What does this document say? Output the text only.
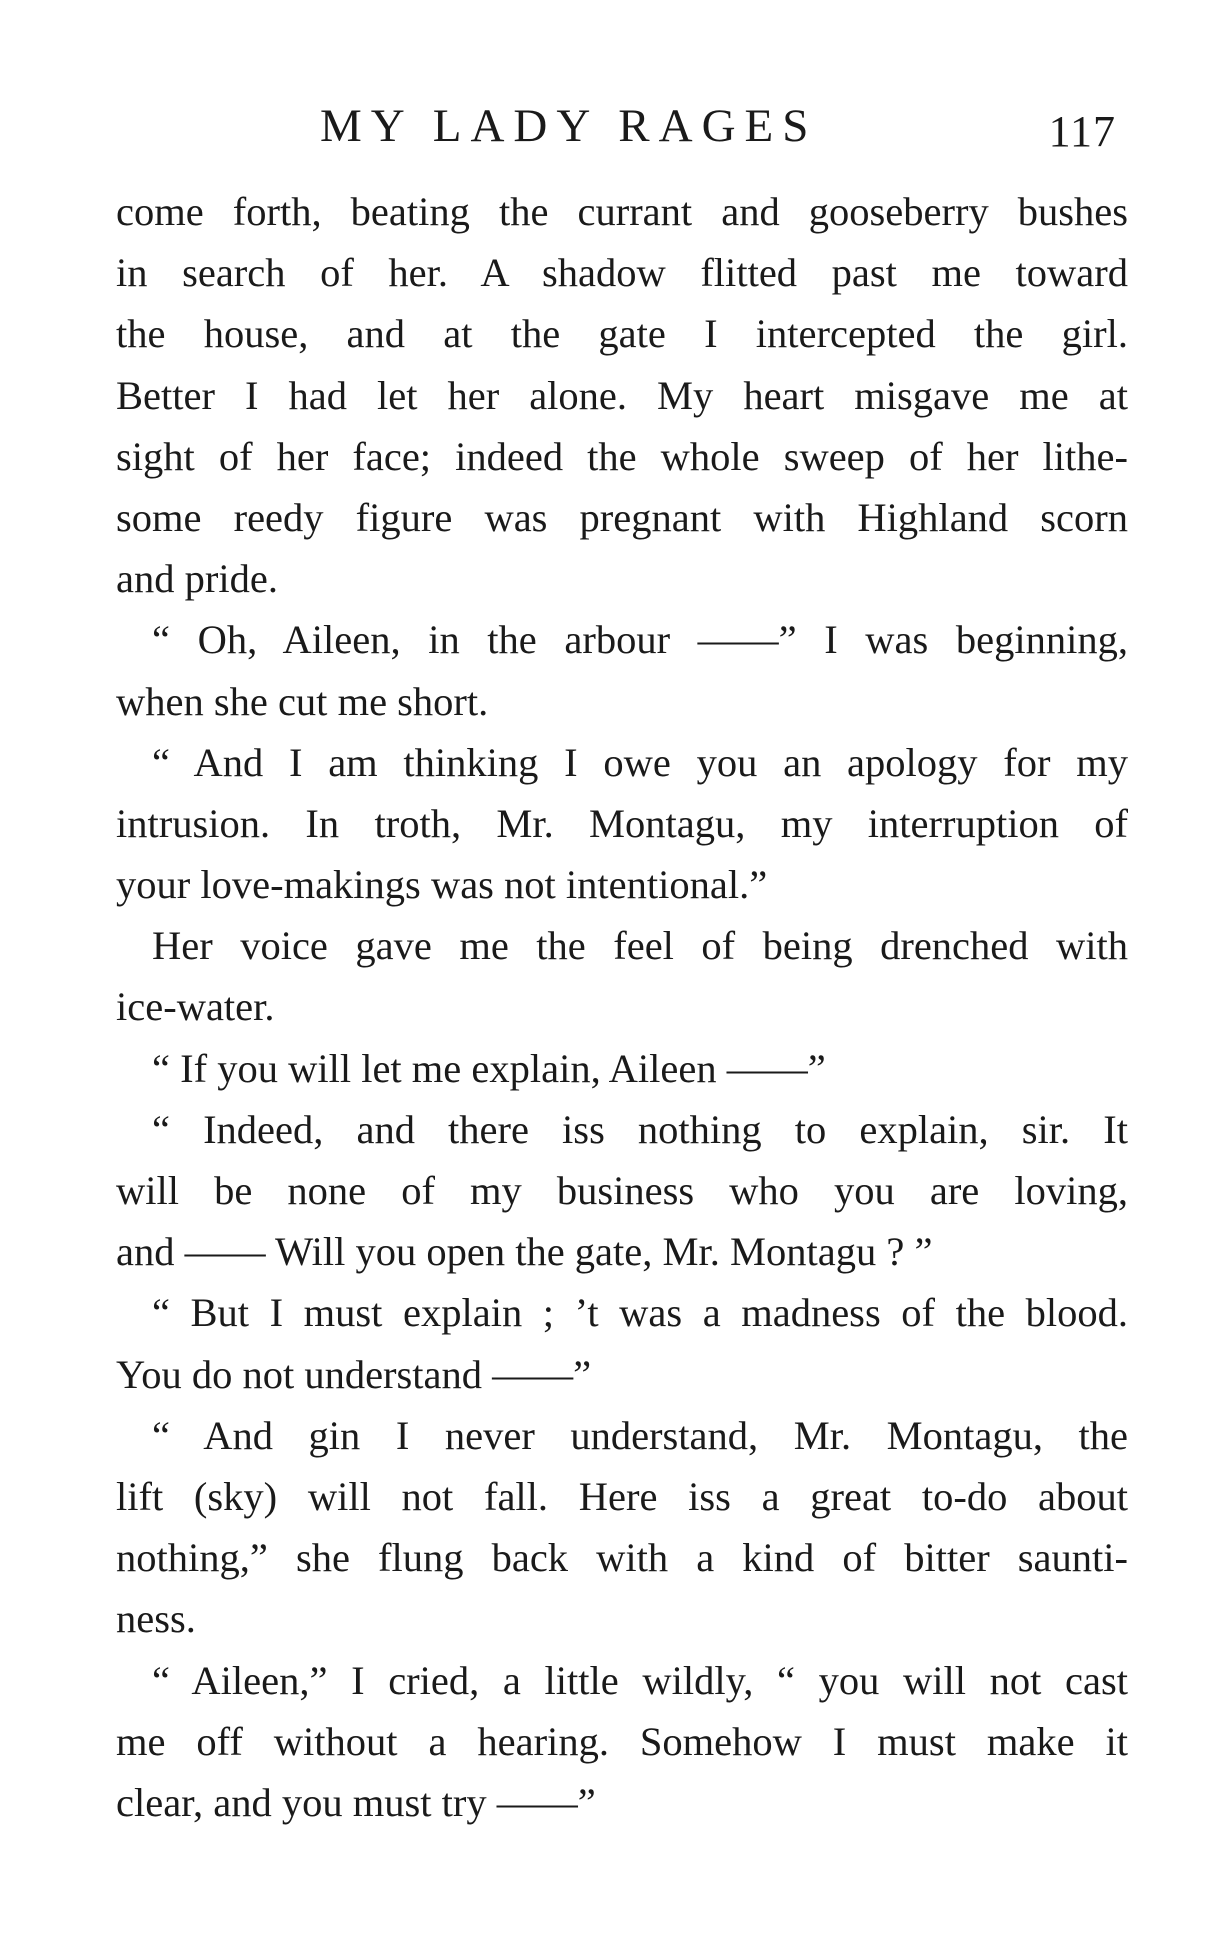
MY LADY RAGES	117
come forth, beating the currant and gooseberry bushes
in search of her. A shadow flitted past me toward
the house, and at the gate I intercepted the girl.
Better I had let her alone. My heart misgave me at
sight of her face; indeed the whole sweep of her lithe-
some reedy figure was pregnant with Highland scorn
and pride.
“ Oh, Aileen, in the arbour ——” I was beginning,
when she cut me short.
“ And I am thinking I owe you an apology for my
intrusion. In troth, Mr. Montagu, my interruption of
your love-makings was not intentional.”
Her voice gave me the feel of being drenched with
ice-water.
“ If you will let me explain, Aileen ——”
“ Indeed, and there iss nothing to explain, sir. It
will be none of my business who you are loving,
and —— Will you open the gate, Mr. Montagu ? ”
“ But I must explain ; ’t was a madness of the blood.
You do not understand ——”
“ And gin I never understand, Mr. Montagu, the
lift (sky) will not fall. Here iss a great to-do about
nothing,” she flung back with a kind of bitter saunti-
ness.
“ Aileen,” I cried, a little wildly, “ you will not cast
me off without a hearing. Somehow I must make it
clear, and you must try ——”
